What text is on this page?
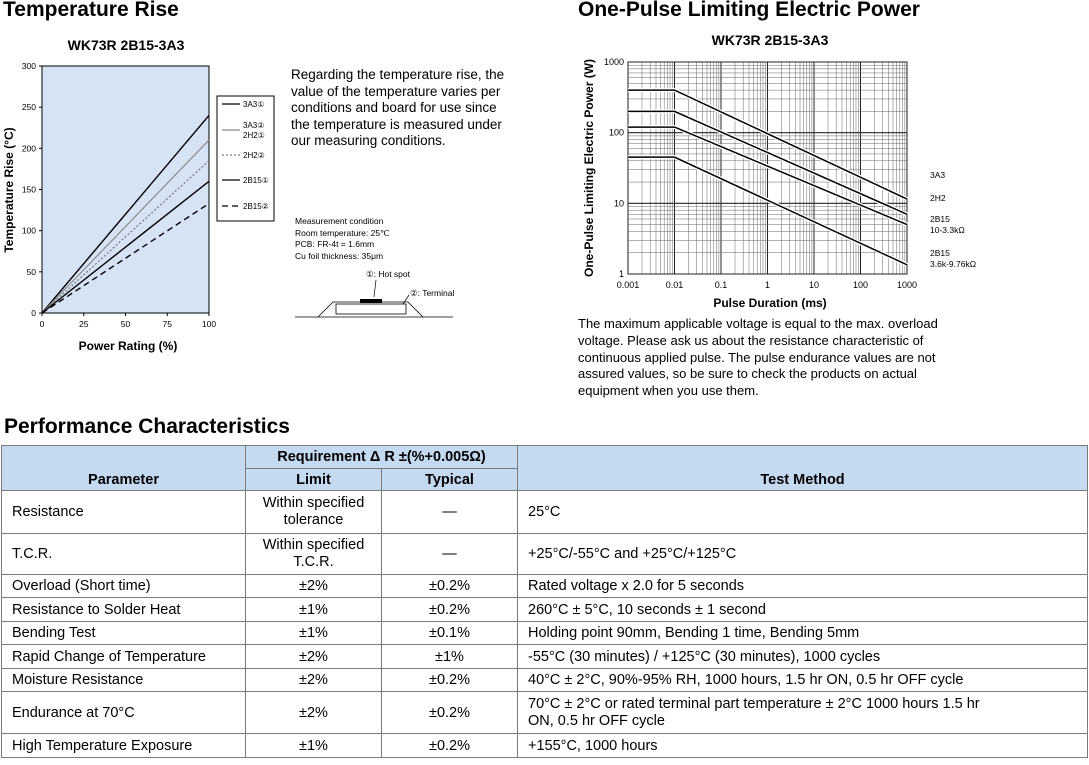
Temperature Rise
WK73R 2B15-3A3
0
50
100
150
200
250
300
0	25	50	75	100
Temperature Rise (°C)
Power Rating (%)
3A3①
3A3②
2H2①
2H2②
2B15①
2B15②
Regarding the temperature rise, the value of the temperature varies per conditions and board for use since the temperature is measured under our measuring conditions.
Measurement condition
Room temperature: 25℃
PCB: FR-4t = 1.6mm
Cu foil thickness: 35μm
①: Hot spot
②: Terminal
One-Pulse Limiting Electric Power
WK73R 2B15-3A3
0.001	0.01	0.1	1	10	100	1000
1
10
100
1000
3A3
2H2
2B15
10-3.3kΩ
2B15
3.6k-9.76kΩ
One-Pulse Limiting Electric Power (W)
Pulse Duration (ms)
The maximum applicable voltage is equal to the max. overload voltage. Please ask us about the resistance characteristic of continuous applied pulse. The pulse endurance values are not assured values, so be sure to check the products on actual equipment when you use them.
Performance Characteristics
Parameter	Requirement Δ R ±(%+0.005Ω)		Test Method
	Limit	Typical	
Resistance	Within specified tolerance	—	25°C
T.C.R.	Within specified T.C.R.	—	+25°C/-55°C and +25°C/+125°C
Overload (Short time)	±2%	±0.2%	Rated voltage x 2.0 for 5 seconds
Resistance to Solder Heat	±1%	±0.2%	260°C ± 5°C, 10 seconds ± 1 second
Bending Test	±1%	±0.1%	Holding point 90mm, Bending 1 time, Bending 5mm
Rapid Change of Temperature	±2%	±1%	-55°C (30 minutes) / +125°C (30 minutes), 1000 cycles
Moisture Resistance	±2%	±0.2%	40°C ± 2°C, 90%-95% RH, 1000 hours, 1.5 hr ON, 0.5 hr OFF cycle
Endurance at 70°C	±2%	±0.2%	70°C ± 2°C or rated terminal part temperature ± 2°C 1000 hours 1.5 hr ON, 0.5 hr OFF cycle
High Temperature Exposure	±1%	±0.2%	+155°C, 1000 hours
